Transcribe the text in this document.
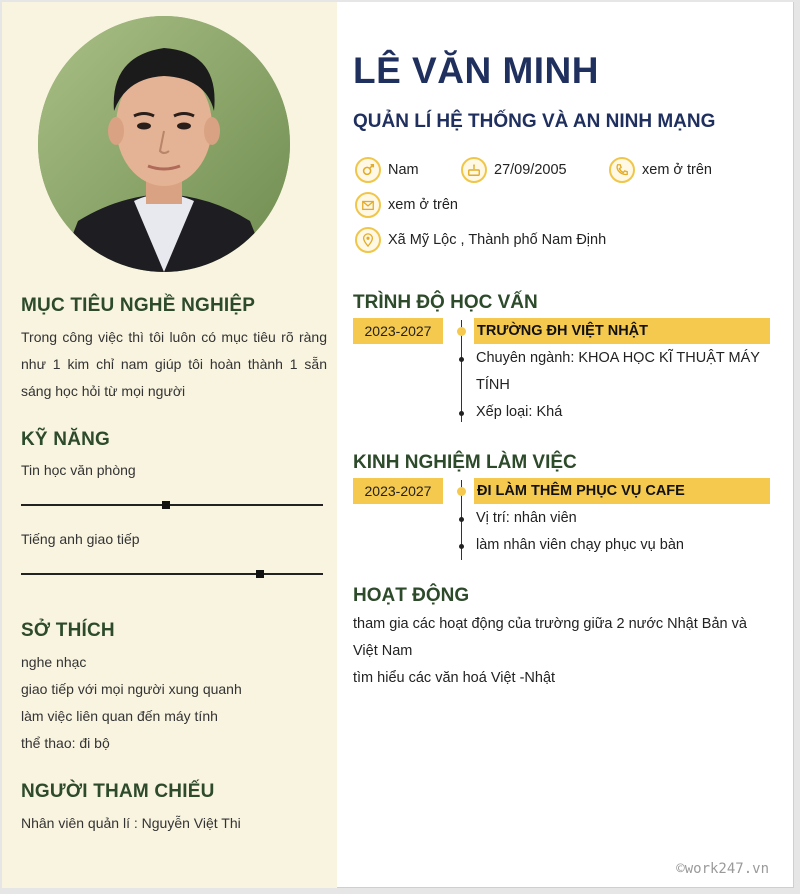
MỤC TIÊU NGHỀ NGHIỆP
Trong công việc thì tôi luôn có mục tiêu rõ ràng như 1 kim chỉ nam giúp tôi hoàn thành 1 sẵn sáng học hỏi từ mọi người
KỸ NĂNG
Tin học văn phòng
Tiếng anh giao tiếp
SỞ THÍCH
nghe nhạc
giao tiếp với mọi người xung quanh
làm việc liên quan đến máy tính
thể thao: đi bộ
NGƯỜI THAM CHIẾU
Nhân viên quản lí : Nguyễn Việt Thi
LÊ VĂN MINH
QUẢN LÍ HỆ THỐNG VÀ AN NINH MẠNG
Nam	27/09/2005	xem ở trên
xem ở trên
Xã Mỹ Lộc , Thành phố Nam Định
TRÌNH ĐỘ HỌC VẤN
2023-2027	TRƯỜNG ĐH VIỆT NHẬT
Chuyên ngành: KHOA HỌC KĨ THUẬT MÁY TÍNH
Xếp loại: Khá
KINH NGHIỆM LÀM VIỆC
2023-2027	ĐI LÀM THÊM PHỤC VỤ CAFE
Vị trí: nhân viên
làm nhân viên chạy phục vụ bàn
HOẠT ĐỘNG
tham gia các hoạt động của trường giữa 2 nước Nhật Bản và Việt Nam
tìm hiểu các văn hoá Việt -Nhật
©work247.vn
